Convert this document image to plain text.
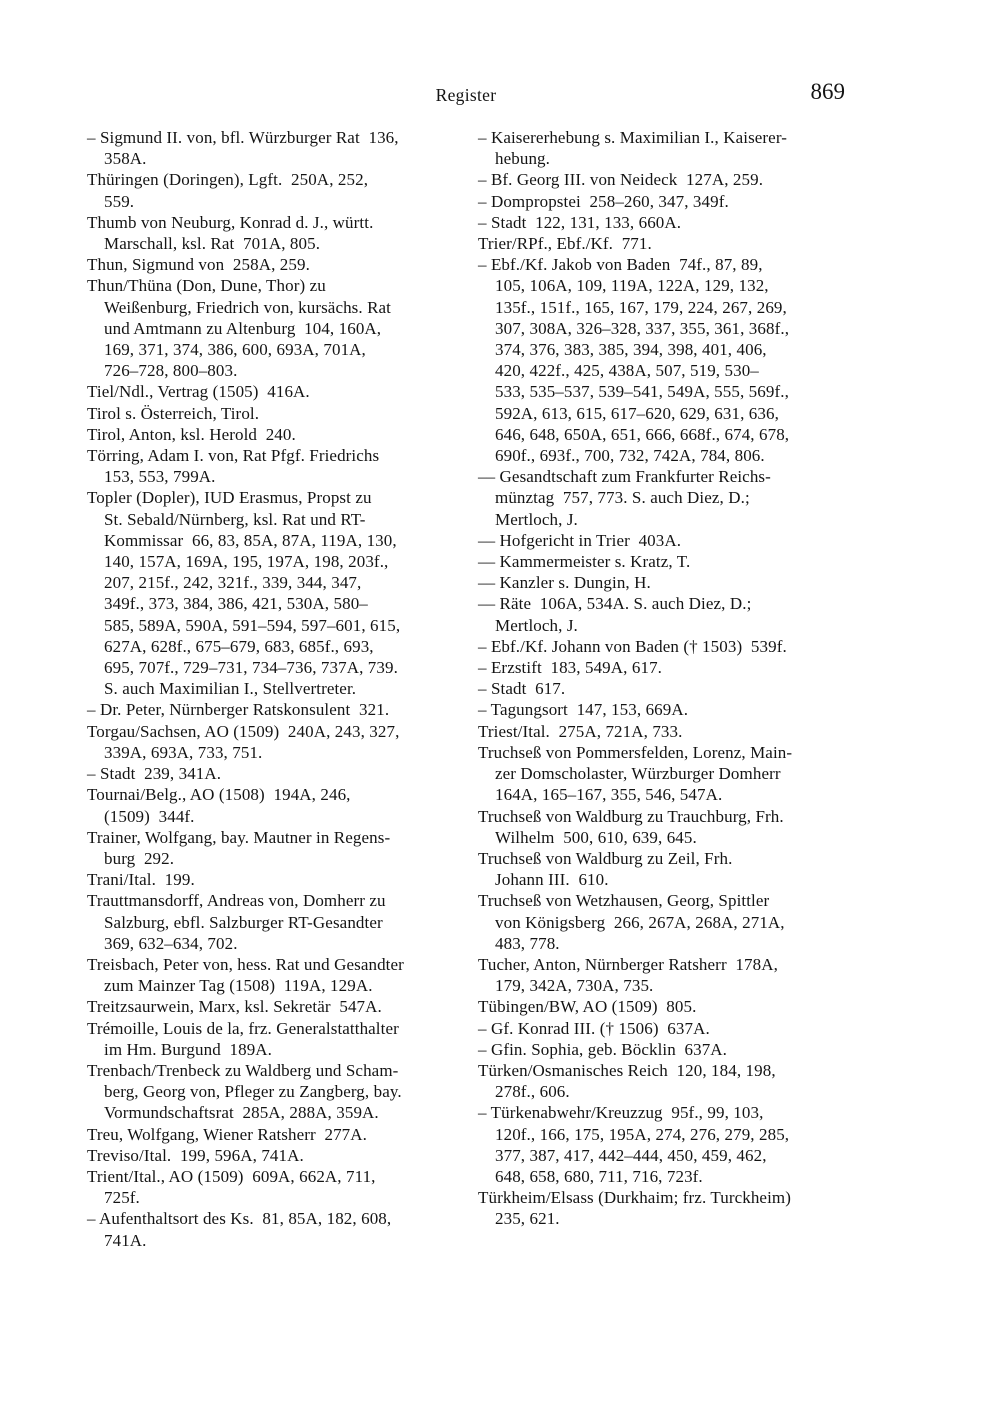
Register	869
– Sigmund II. von, bfl. Würzburger Rat  136,
358A.
Thüringen (Doringen), Lgft.  250A, 252,
559.
Thumb von Neuburg, Konrad d. J., württ.
Marschall, ksl. Rat  701A, 805.
Thun, Sigmund von  258A, 259.
Thun/Thüna (Don, Dune, Thor) zu
Weißenburg, Friedrich von, kursächs. Rat
und Amtmann zu Altenburg  104, 160A,
169, 371, 374, 386, 600, 693A, 701A,
726–728, 800–803.
Tiel/Ndl., Vertrag (1505)  416A.
Tirol s. Österreich, Tirol.
Tirol, Anton, ksl. Herold  240.
Törring, Adam I. von, Rat Pfgf. Friedrichs
153, 553, 799A.
Topler (Dopler), IUD Erasmus, Propst zu
St. Sebald/Nürnberg, ksl. Rat und RT-
Kommissar  66, 83, 85A, 87A, 119A, 130,
140, 157A, 169A, 195, 197A, 198, 203f.,
207, 215f., 242, 321f., 339, 344, 347,
349f., 373, 384, 386, 421, 530A, 580–
585, 589A, 590A, 591–594, 597–601, 615,
627A, 628f., 675–679, 683, 685f., 693,
695, 707f., 729–731, 734–736, 737A, 739.
S. auch Maximilian I., Stellvertreter.
– Dr. Peter, Nürnberger Ratskonsulent  321.
Torgau/Sachsen, AO (1509)  240A, 243, 327,
339A, 693A, 733, 751.
– Stadt  239, 341A.
Tournai/Belg., AO (1508)  194A, 246,
(1509)  344f.
Trainer, Wolfgang, bay. Mautner in Regens-
burg  292.
Trani/Ital.  199.
Trauttmansdorff, Andreas von, Domherr zu
Salzburg, ebfl. Salzburger RT-Gesandter
369, 632–634, 702.
Treisbach, Peter von, hess. Rat und Gesandter
zum Mainzer Tag (1508)  119A, 129A.
Treitzsaurwein, Marx, ksl. Sekretär  547A.
Trémoille, Louis de la, frz. Generalstatthalter
im Hm. Burgund  189A.
Trenbach/Trenbeck zu Waldberg und Scham-
berg, Georg von, Pfleger zu Zangberg, bay.
Vormundschaftsrat  285A, 288A, 359A.
Treu, Wolfgang, Wiener Ratsherr  277A.
Treviso/Ital.  199, 596A, 741A.
Trient/Ital., AO (1509)  609A, 662A, 711,
725f.
– Aufenthaltsort des Ks.  81, 85A, 182, 608,
741A.
– Kaisererhebung s. Maximilian I., Kaiserer-
hebung.
– Bf. Georg III. von Neideck  127A, 259.
– Dompropstei  258–260, 347, 349f.
– Stadt  122, 131, 133, 660A.
Trier/RPf., Ebf./Kf.  771.
– Ebf./Kf. Jakob von Baden  74f., 87, 89,
105, 106A, 109, 119A, 122A, 129, 132,
135f., 151f., 165, 167, 179, 224, 267, 269,
307, 308A, 326–328, 337, 355, 361, 368f.,
374, 376, 383, 385, 394, 398, 401, 406,
420, 422f., 425, 438A, 507, 519, 530–
533, 535–537, 539–541, 549A, 555, 569f.,
592A, 613, 615, 617–620, 629, 631, 636,
646, 648, 650A, 651, 666, 668f., 674, 678,
690f., 693f., 700, 732, 742A, 784, 806.
–– Gesandtschaft zum Frankfurter Reichs-
münztag  757, 773. S. auch Diez, D.;
Mertloch, J.
–– Hofgericht in Trier  403A.
–– Kammermeister s. Kratz, T.
–– Kanzler s. Dungin, H.
–– Räte  106A, 534A. S. auch Diez, D.;
Mertloch, J.
– Ebf./Kf. Johann von Baden († 1503)  539f.
– Erzstift  183, 549A, 617.
– Stadt  617.
– Tagungsort  147, 153, 669A.
Triest/Ital.  275A, 721A, 733.
Truchseß von Pommersfelden, Lorenz, Main-
zer Domscholaster, Würzburger Domherr
164A, 165–167, 355, 546, 547A.
Truchseß von Waldburg zu Trauchburg, Frh.
Wilhelm  500, 610, 639, 645.
Truchseß von Waldburg zu Zeil, Frh.
Johann III.  610.
Truchseß von Wetzhausen, Georg, Spittler
von Königsberg  266, 267A, 268A, 271A,
483, 778.
Tucher, Anton, Nürnberger Ratsherr  178A,
179, 342A, 730A, 735.
Tübingen/BW, AO (1509)  805.
– Gf. Konrad III. († 1506)  637A.
– Gfin. Sophia, geb. Böcklin  637A.
Türken/Osmanisches Reich  120, 184, 198,
278f., 606.
– Türkenabwehr/Kreuzzug  95f., 99, 103,
120f., 166, 175, 195A, 274, 276, 279, 285,
377, 387, 417, 442–444, 450, 459, 462,
648, 658, 680, 711, 716, 723f.
Türkheim/Elsass (Durkhaim; frz. Turckheim)
235, 621.
